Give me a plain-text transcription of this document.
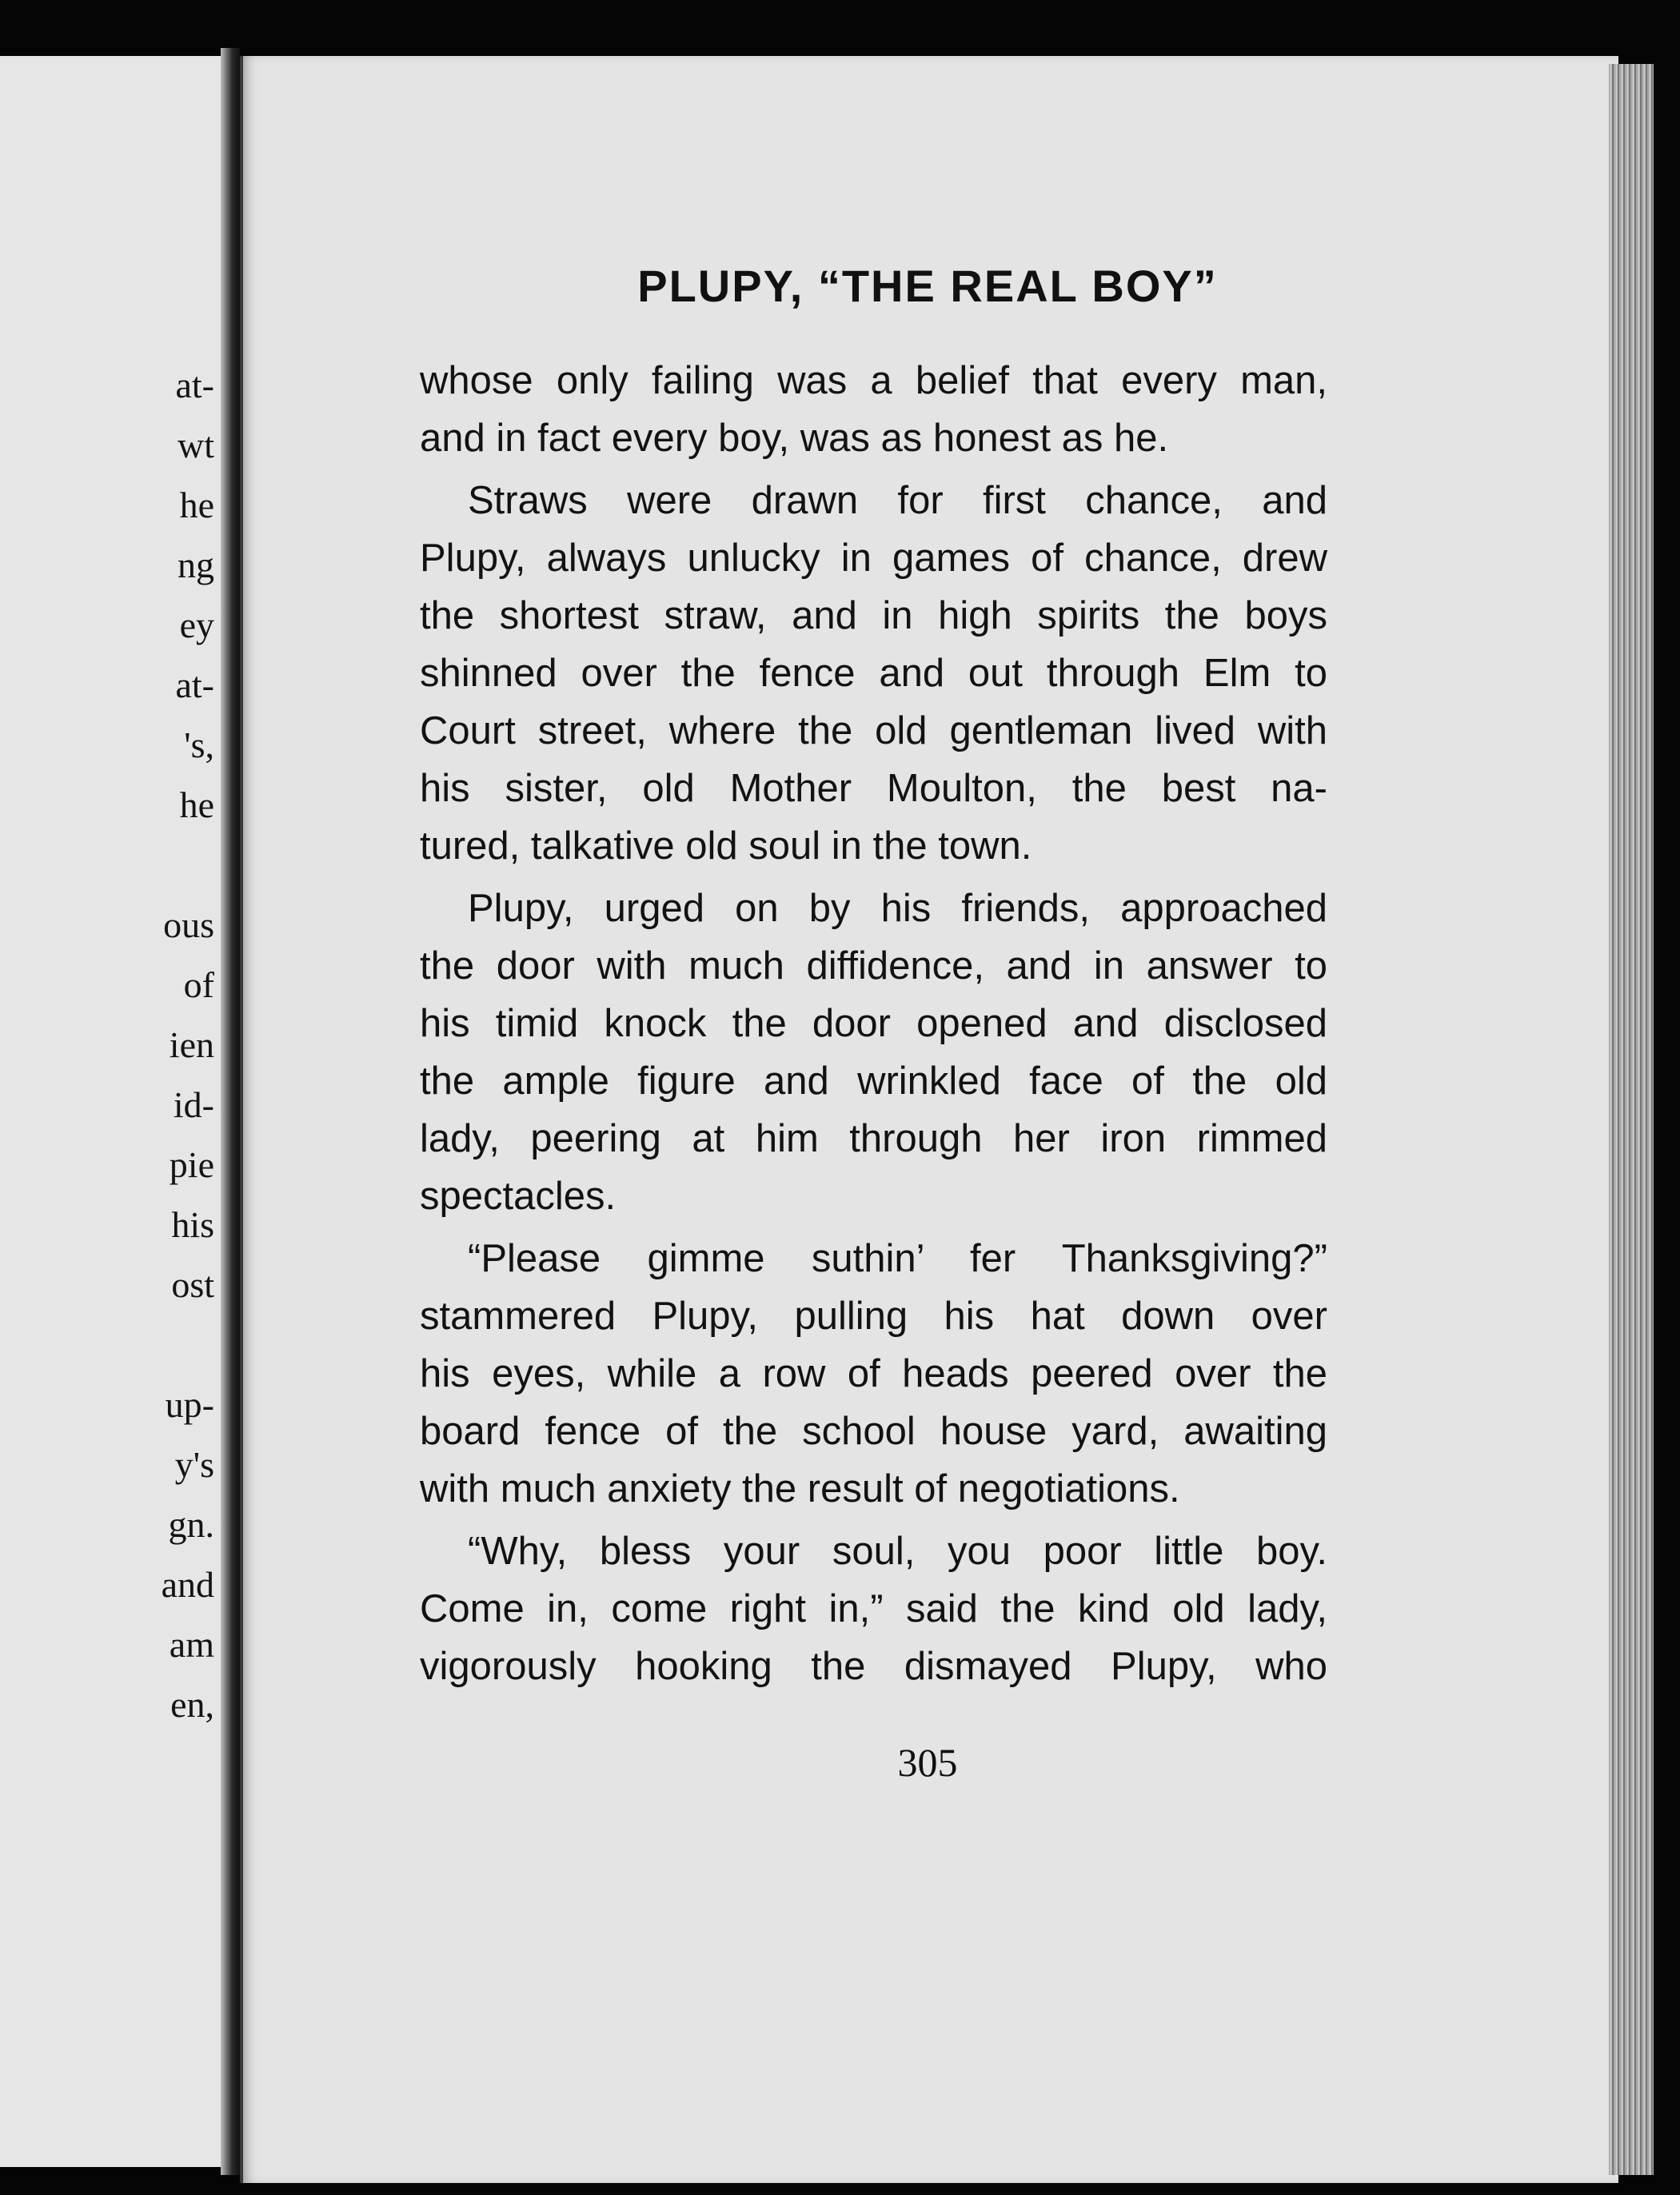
at-
wt
he
ng
ey
at-
's,
he
ous
of
ien
id-
pie
his
ost
up-
y's
gn.
and
am
en,
PLUPY, “THE REAL BOY”
whose only failing was a belief that every man,
and in fact every boy, was as honest as he.
Straws were drawn for first chance, and
Plupy, always unlucky in games of chance, drew
the shortest straw, and in high spirits the boys
shinned over the fence and out through Elm to
Court street, where the old gentleman lived with
his sister, old Mother Moulton, the best na-
tured, talkative old soul in the town.
Plupy, urged on by his friends, approached
the door with much diffidence, and in answer to
his timid knock the door opened and disclosed
the ample figure and wrinkled face of the old
lady, peering at him through her iron rimmed
spectacles.
“Please gimme suthin’ fer Thanksgiving?”
stammered Plupy, pulling his hat down over
his eyes, while a row of heads peered over the
board fence of the school house yard, awaiting
with much anxiety the result of negotiations.
“Why, bless your soul, you poor little boy.
Come in, come right in,” said the kind old lady,
vigorously hooking the dismayed Plupy, who
305
